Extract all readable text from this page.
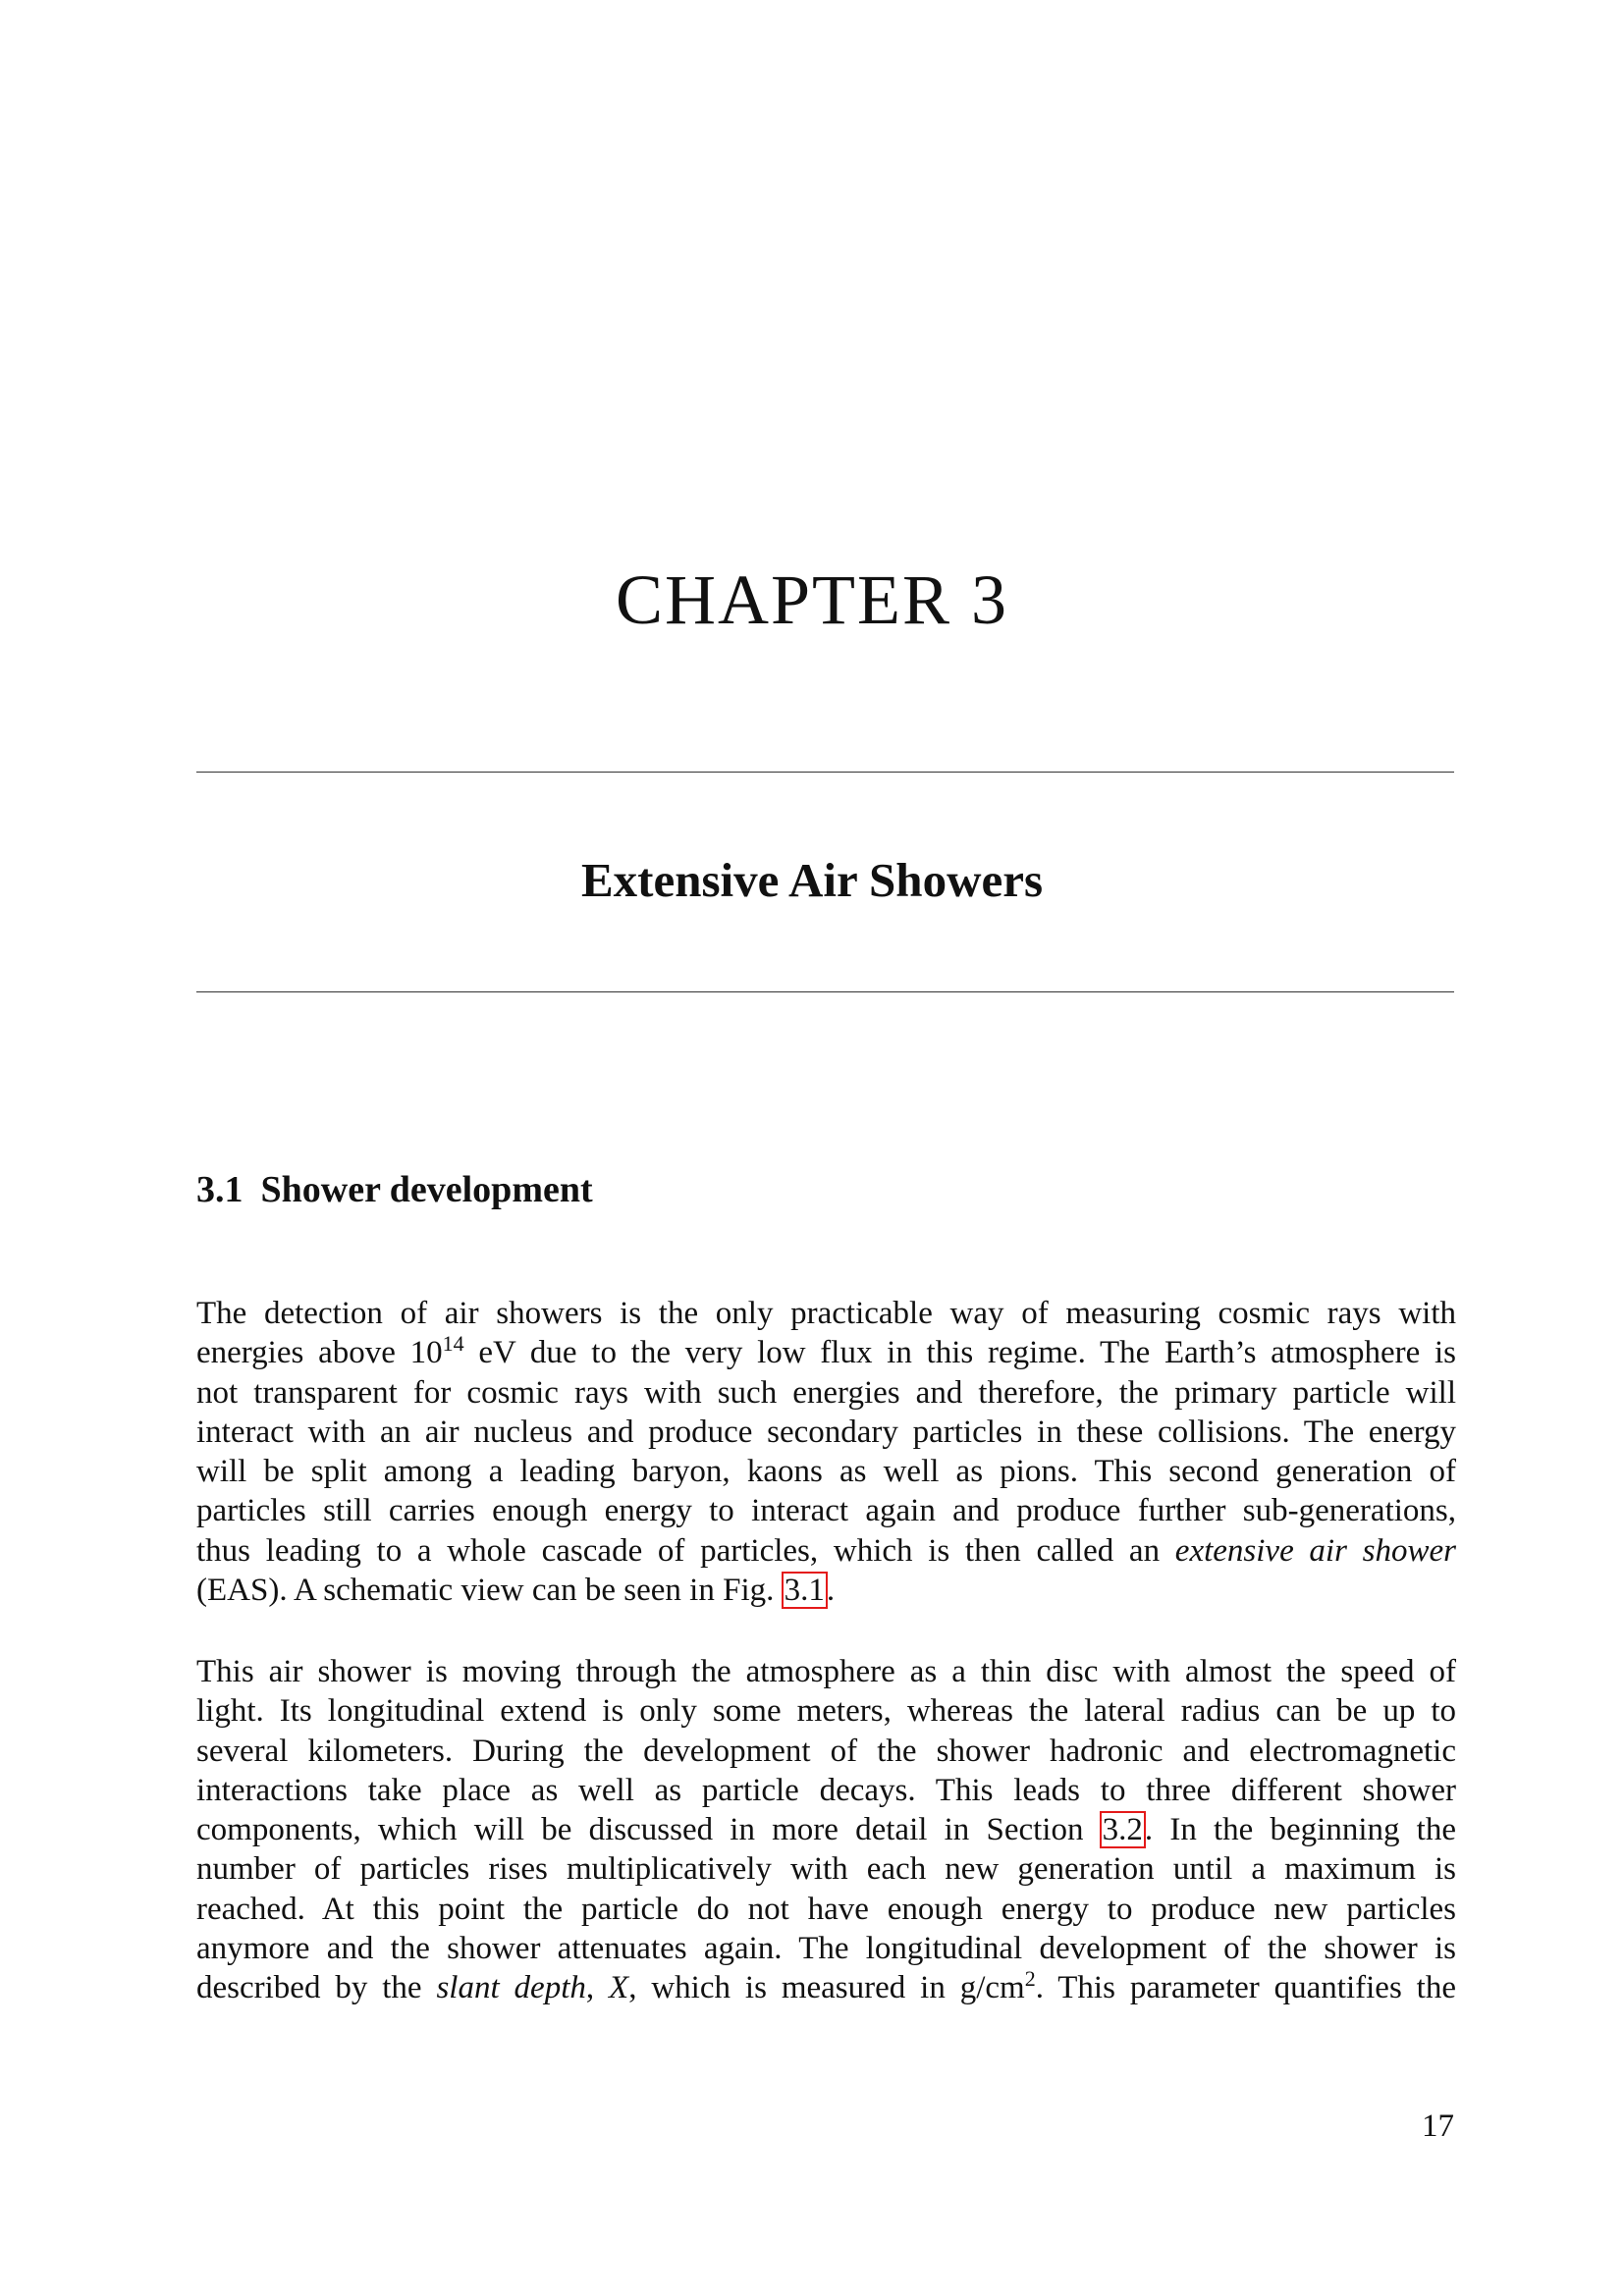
CHAPTER 3
Extensive Air Showers
3.1 Shower development

The detection of air showers is the only practicable way of measuring cosmic rays with
energies above $10^{14}$ eV due to the very low flux in this regime. The Earth’s atmosphere is
not transparent for cosmic rays with such energies and therefore, the primary particle will
interact with an air nucleus and produce secondary particles in these collisions. The energy
will be split among a leading baryon, kaons as well as pions. This second generation of
particles still carries enough energy to interact again and produce further sub-generations,
thus leading to a whole cascade of particles, which is then called an extensive air shower
(EAS). A schematic view can be seen in Fig. 3.1.

This air shower is moving through the atmosphere as a thin disc with almost the speed of
light. Its longitudinal extend is only some meters, whereas the lateral radius can be up to
several kilometers. During the development of the shower hadronic and electromagnetic
interactions take place as well as particle decays. This leads to three different shower
components, which will be discussed in more detail in Section 3.2. In the beginning the
number of particles rises multiplicatively with each new generation until a maximum is
reached. At this point the particle do not have enough energy to produce new particles
anymore and the shower attenuates again. The longitudinal development of the shower is
described by the slant depth, X, which is measured in $g/cm^2$. This parameter quantifies the

17
